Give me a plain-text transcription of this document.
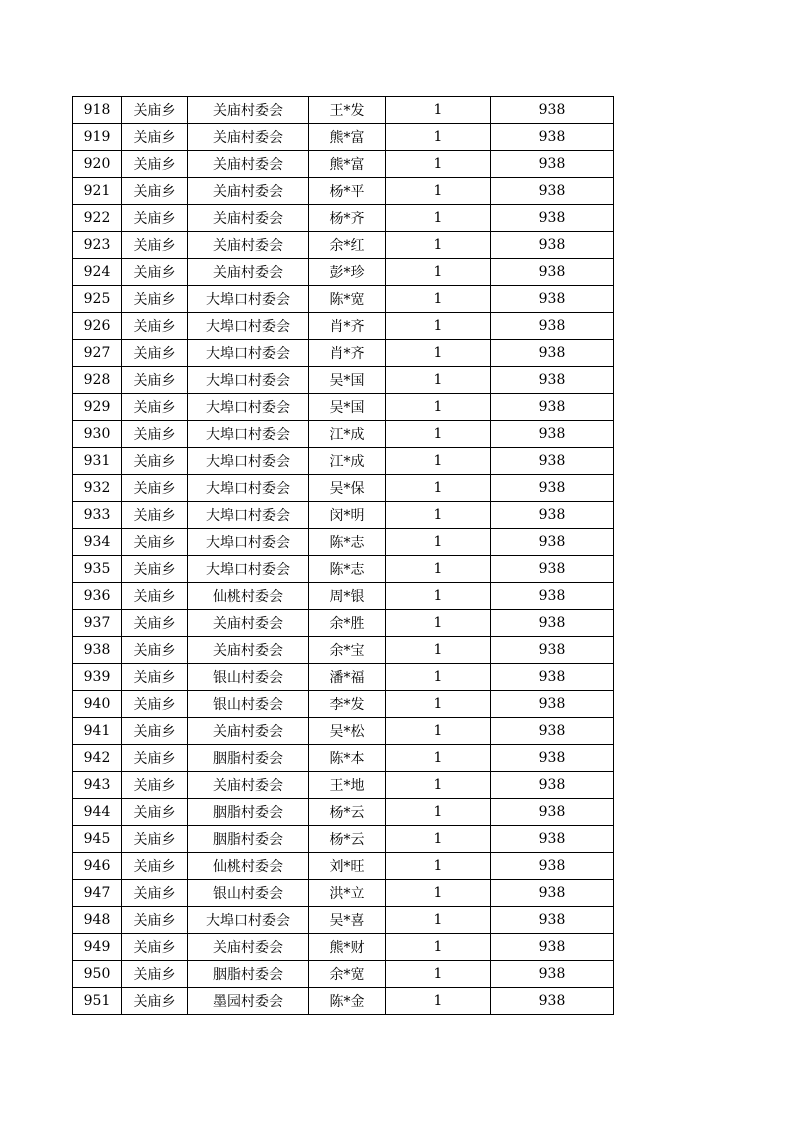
918	关庙乡	关庙村委会	王*发	1	938
919	关庙乡	关庙村委会	熊*富	1	938
920	关庙乡	关庙村委会	熊*富	1	938
921	关庙乡	关庙村委会	杨*平	1	938
922	关庙乡	关庙村委会	杨*齐	1	938
923	关庙乡	关庙村委会	余*红	1	938
924	关庙乡	关庙村委会	彭*珍	1	938
925	关庙乡	大埠口村委会	陈*宽	1	938
926	关庙乡	大埠口村委会	肖*齐	1	938
927	关庙乡	大埠口村委会	肖*齐	1	938
928	关庙乡	大埠口村委会	吴*国	1	938
929	关庙乡	大埠口村委会	吴*国	1	938
930	关庙乡	大埠口村委会	江*成	1	938
931	关庙乡	大埠口村委会	江*成	1	938
932	关庙乡	大埠口村委会	吴*保	1	938
933	关庙乡	大埠口村委会	闵*明	1	938
934	关庙乡	大埠口村委会	陈*志	1	938
935	关庙乡	大埠口村委会	陈*志	1	938
936	关庙乡	仙桃村委会	周*银	1	938
937	关庙乡	关庙村委会	余*胜	1	938
938	关庙乡	关庙村委会	余*宝	1	938
939	关庙乡	银山村委会	潘*福	1	938
940	关庙乡	银山村委会	李*发	1	938
941	关庙乡	关庙村委会	吴*松	1	938
942	关庙乡	胭脂村委会	陈*本	1	938
943	关庙乡	关庙村委会	王*地	1	938
944	关庙乡	胭脂村委会	杨*云	1	938
945	关庙乡	胭脂村委会	杨*云	1	938
946	关庙乡	仙桃村委会	刘*旺	1	938
947	关庙乡	银山村委会	洪*立	1	938
948	关庙乡	大埠口村委会	吴*喜	1	938
949	关庙乡	关庙村委会	熊*财	1	938
950	关庙乡	胭脂村委会	余*宽	1	938
951	关庙乡	墨园村委会	陈*金	1	938
